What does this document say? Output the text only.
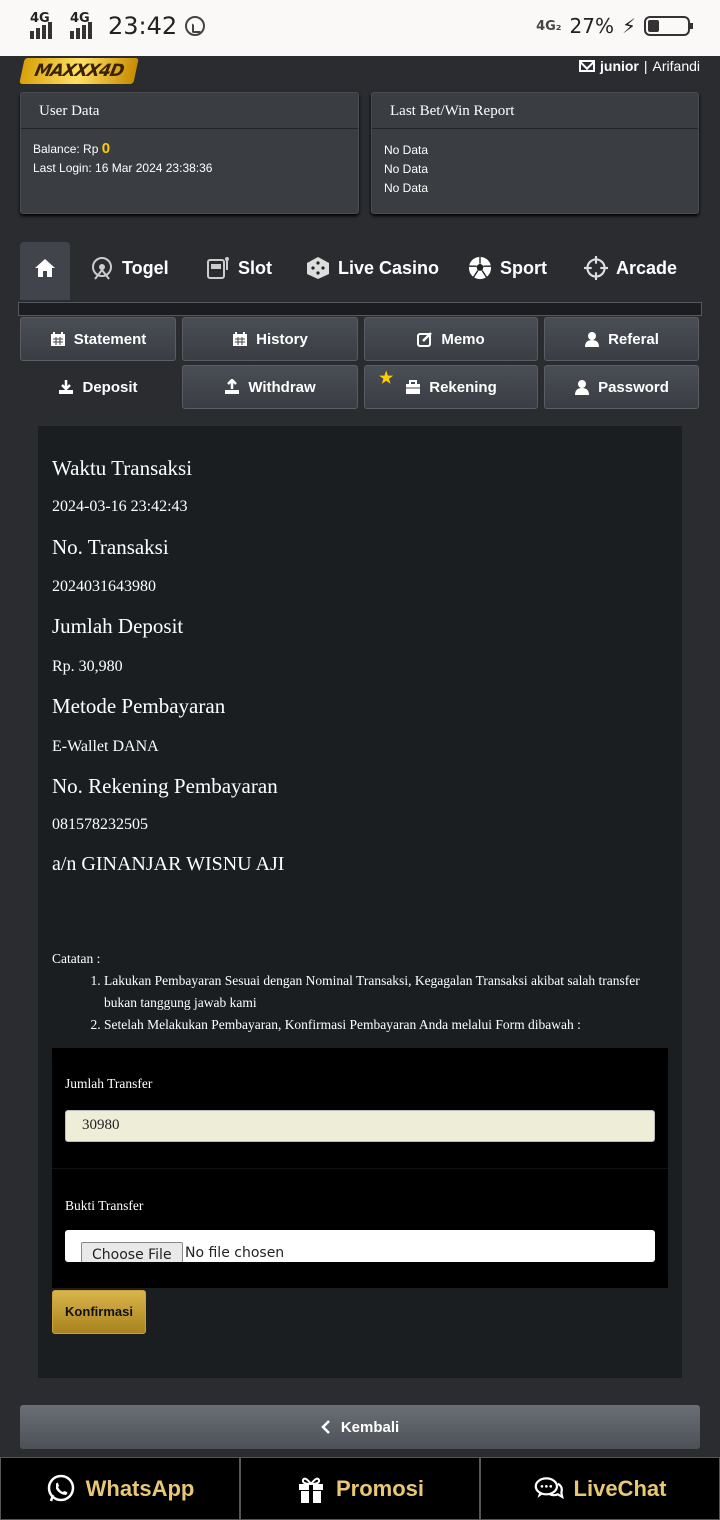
4G 4G 23:42	4G₂ 27% ⚡
MAXXX4D	junior | Arifandi
User Data
Balance: Rp 0
Last Login: 16 Mar 2024 23:38:36
Last Bet/Win Report
No Data
No Data
No Data
Togel	Slot	Live Casino	Sport	Arcade
Statement	History	Memo	Referal
Deposit	Withdraw	★ Rekening	Password
Waktu Transaksi
2024-03-16 23:42:43
No. Transaksi
2024031643980
Jumlah Deposit
Rp. 30,980
Metode Pembayaran
E-Wallet DANA
No. Rekening Pembayaran
081578232505
a/n GINANJAR WISNU AJI
Catatan :
1. Lakukan Pembayaran Sesuai dengan Nominal Transaksi, Kegagalan Transaksi akibat salah transfer bukan tanggung jawab kami
2. Setelah Melakukan Pembayaran, Konfirmasi Pembayaran Anda melalui Form dibawah :
Jumlah Transfer
30980
Bukti Transfer
Choose File No file chosen
Konfirmasi
Kembali
WhatsApp	Promosi	LiveChat
